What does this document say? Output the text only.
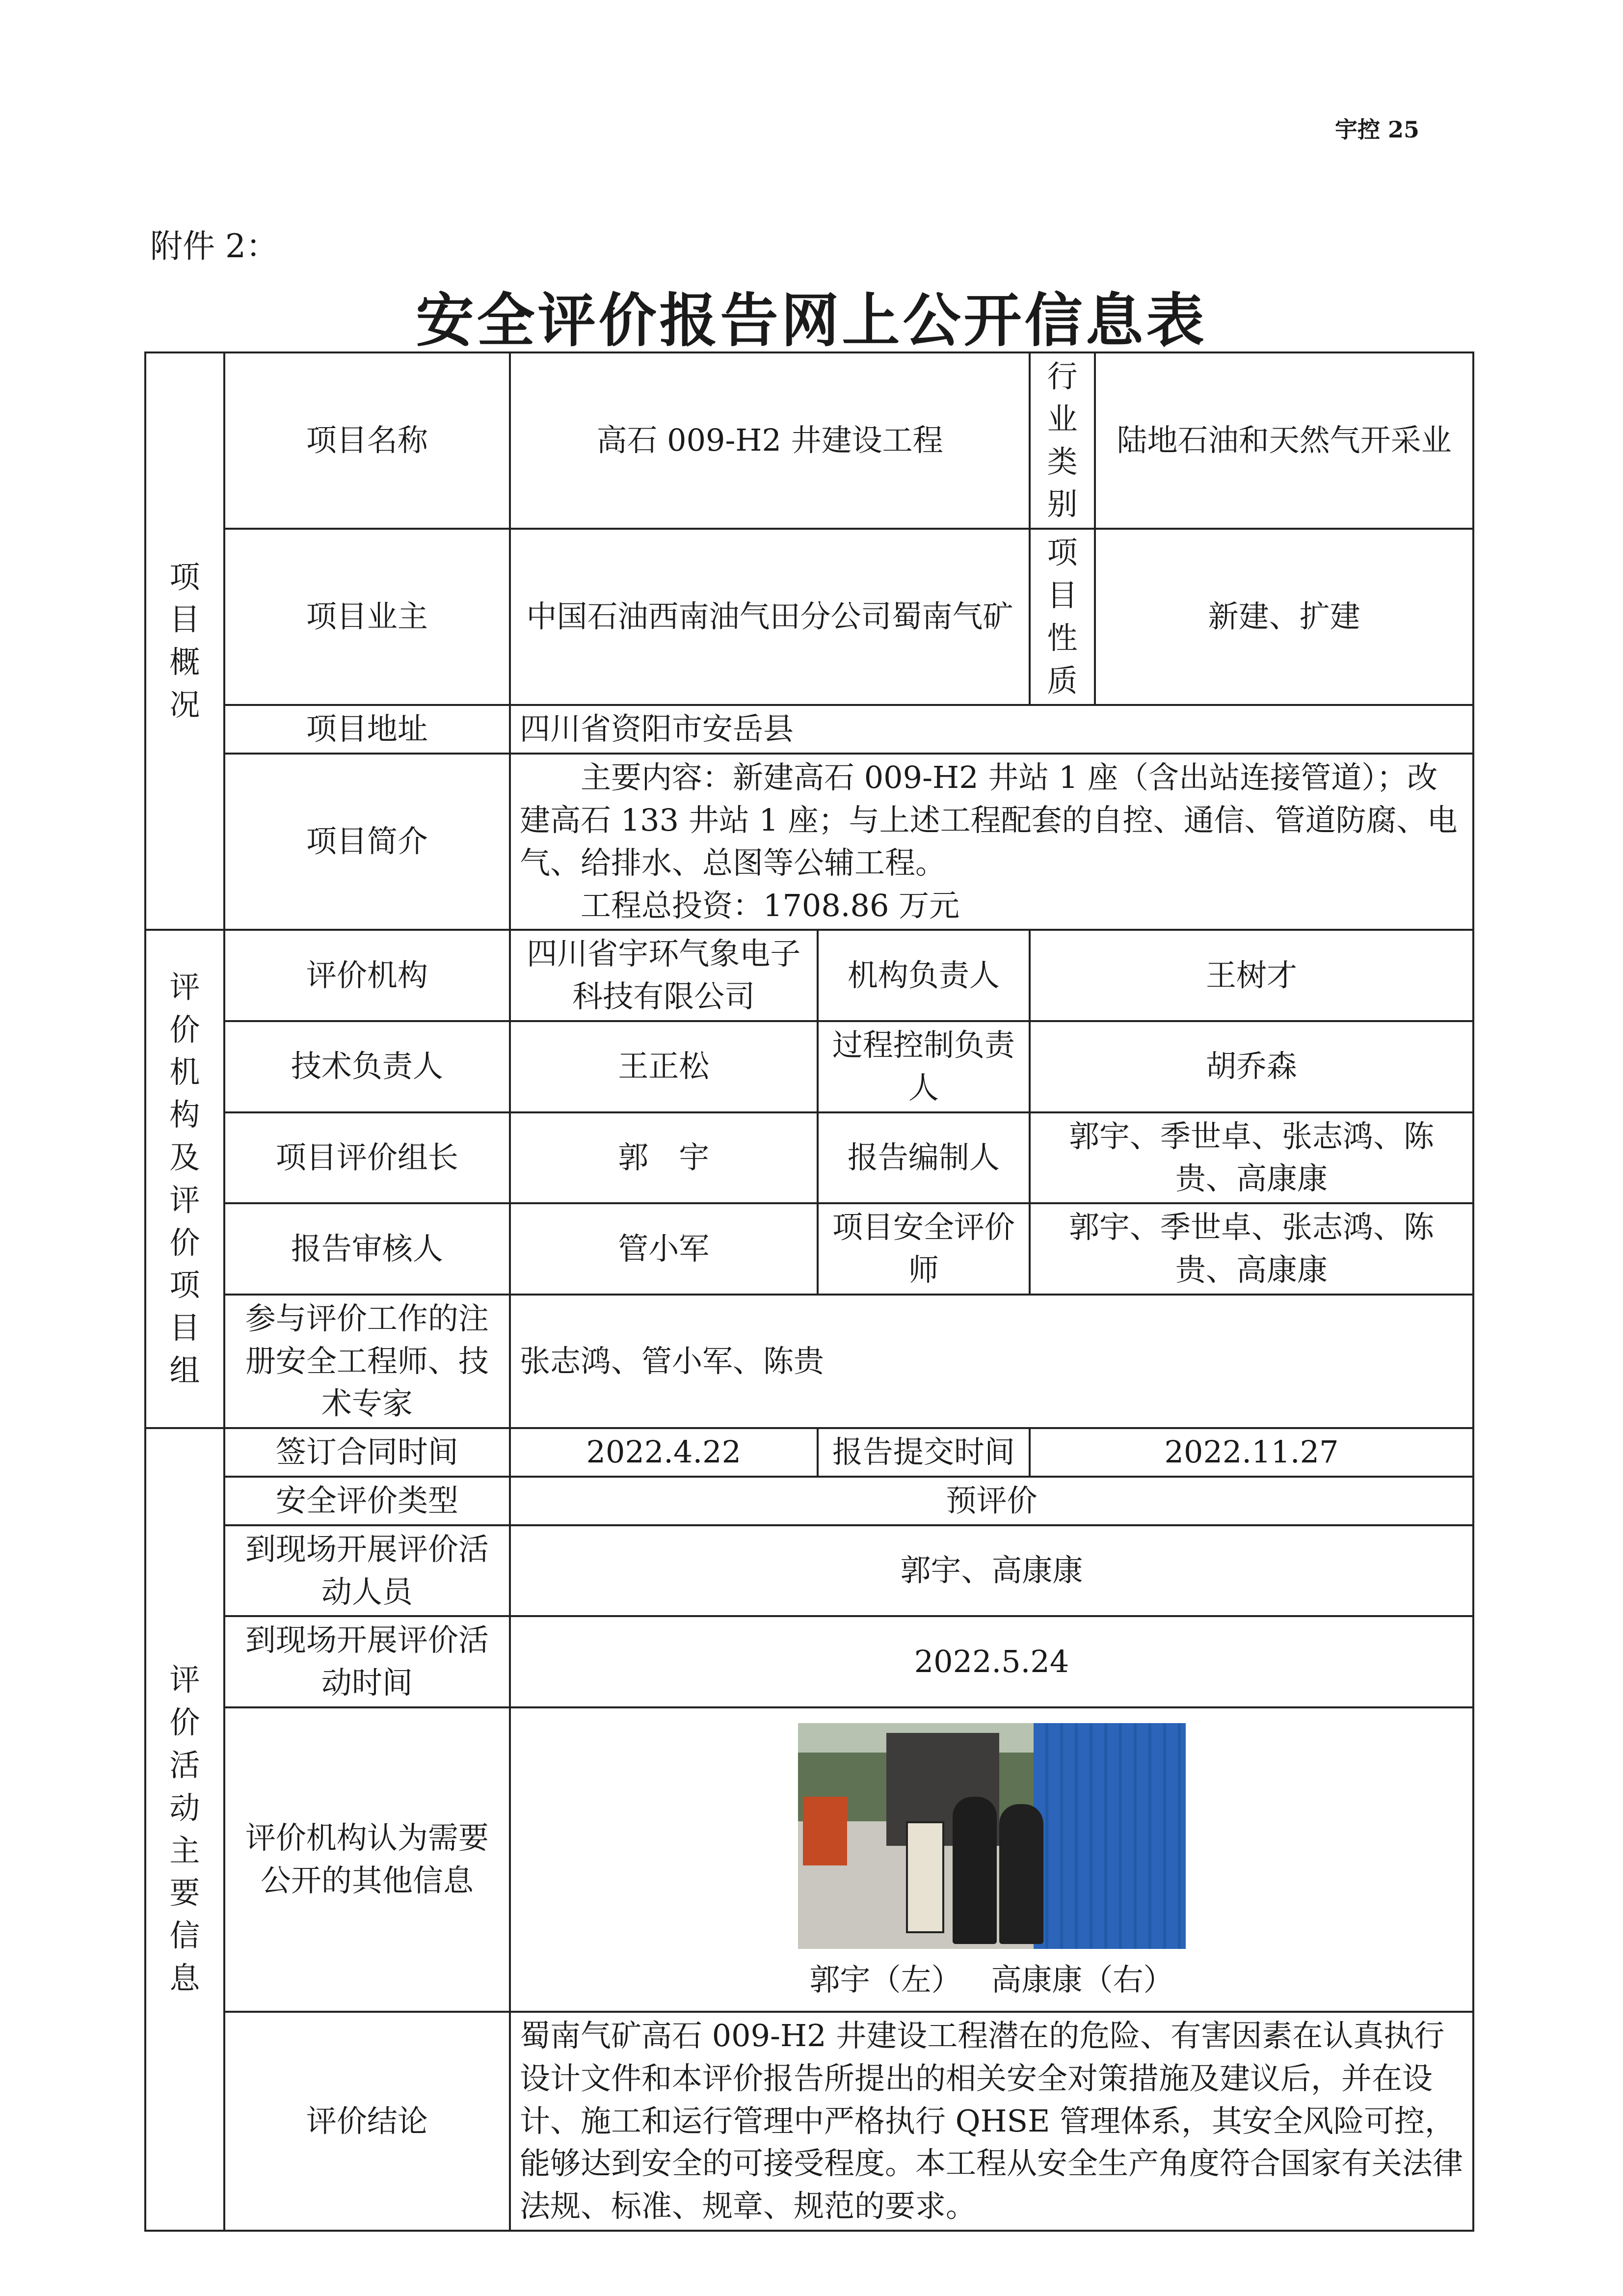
宇控 25
附件 2：
安全评价报告网上公开信息表
项目概况	项目名称	高石 009-H2 井建设工程		行业类别	陆地石油和天然气开采业
	项目业主	中国石油西南油气田分公司蜀南气矿		项目性质	新建、扩建
	项目地址	四川省资阳市安岳县			
	项目简介	主要内容：新建高石 009-H2 井站 1 座（含出站连接管道）；改建高石 133 井站 1 座；与上述工程配套的自控、通信、管道防腐、电气、给排水、总图等公辅工程。

工程总投资：1708.86 万元			

评价机构及评价项目组	评价机构	四川省宇环气象电子科技有限公司	机构负责人	王树才	
	技术负责人	王正松	过程控制负责人	胡乔森	
	项目评价组长	郭　宇	报告编制人	郭宇、季世卓、张志鸿、陈贵、高康康	
	报告审核人	管小军	项目安全评价师	郭宇、季世卓、张志鸿、陈贵、高康康	
	参与评价工作的注册安全工程师、技术专家	张志鸿、管小军、陈贵			

评价活动主要信息	签订合同时间	2022.4.22	报告提交时间	2022.11.27	
	安全评价类型	预评价			
	到现场开展评价活动人员	郭宇、高康康			
	到现场开展评价活动时间	2022.5.24			
	评价机构认为需要公开的其他信息	郭宇（左） 高康康（右）			

	评价结论	蜀南气矿高石 009-H2 井建设工程潜在的危险、有害因素在认真执行设计文件和本评价报告所提出的相关安全对策措施及建议后，并在设计、施工和运行管理中严格执行 QHSE 管理体系，其安全风险可控，能够达到安全的可接受程度。本工程从安全生产角度符合国家有关法律法规、标准、规章、规范的要求。			
